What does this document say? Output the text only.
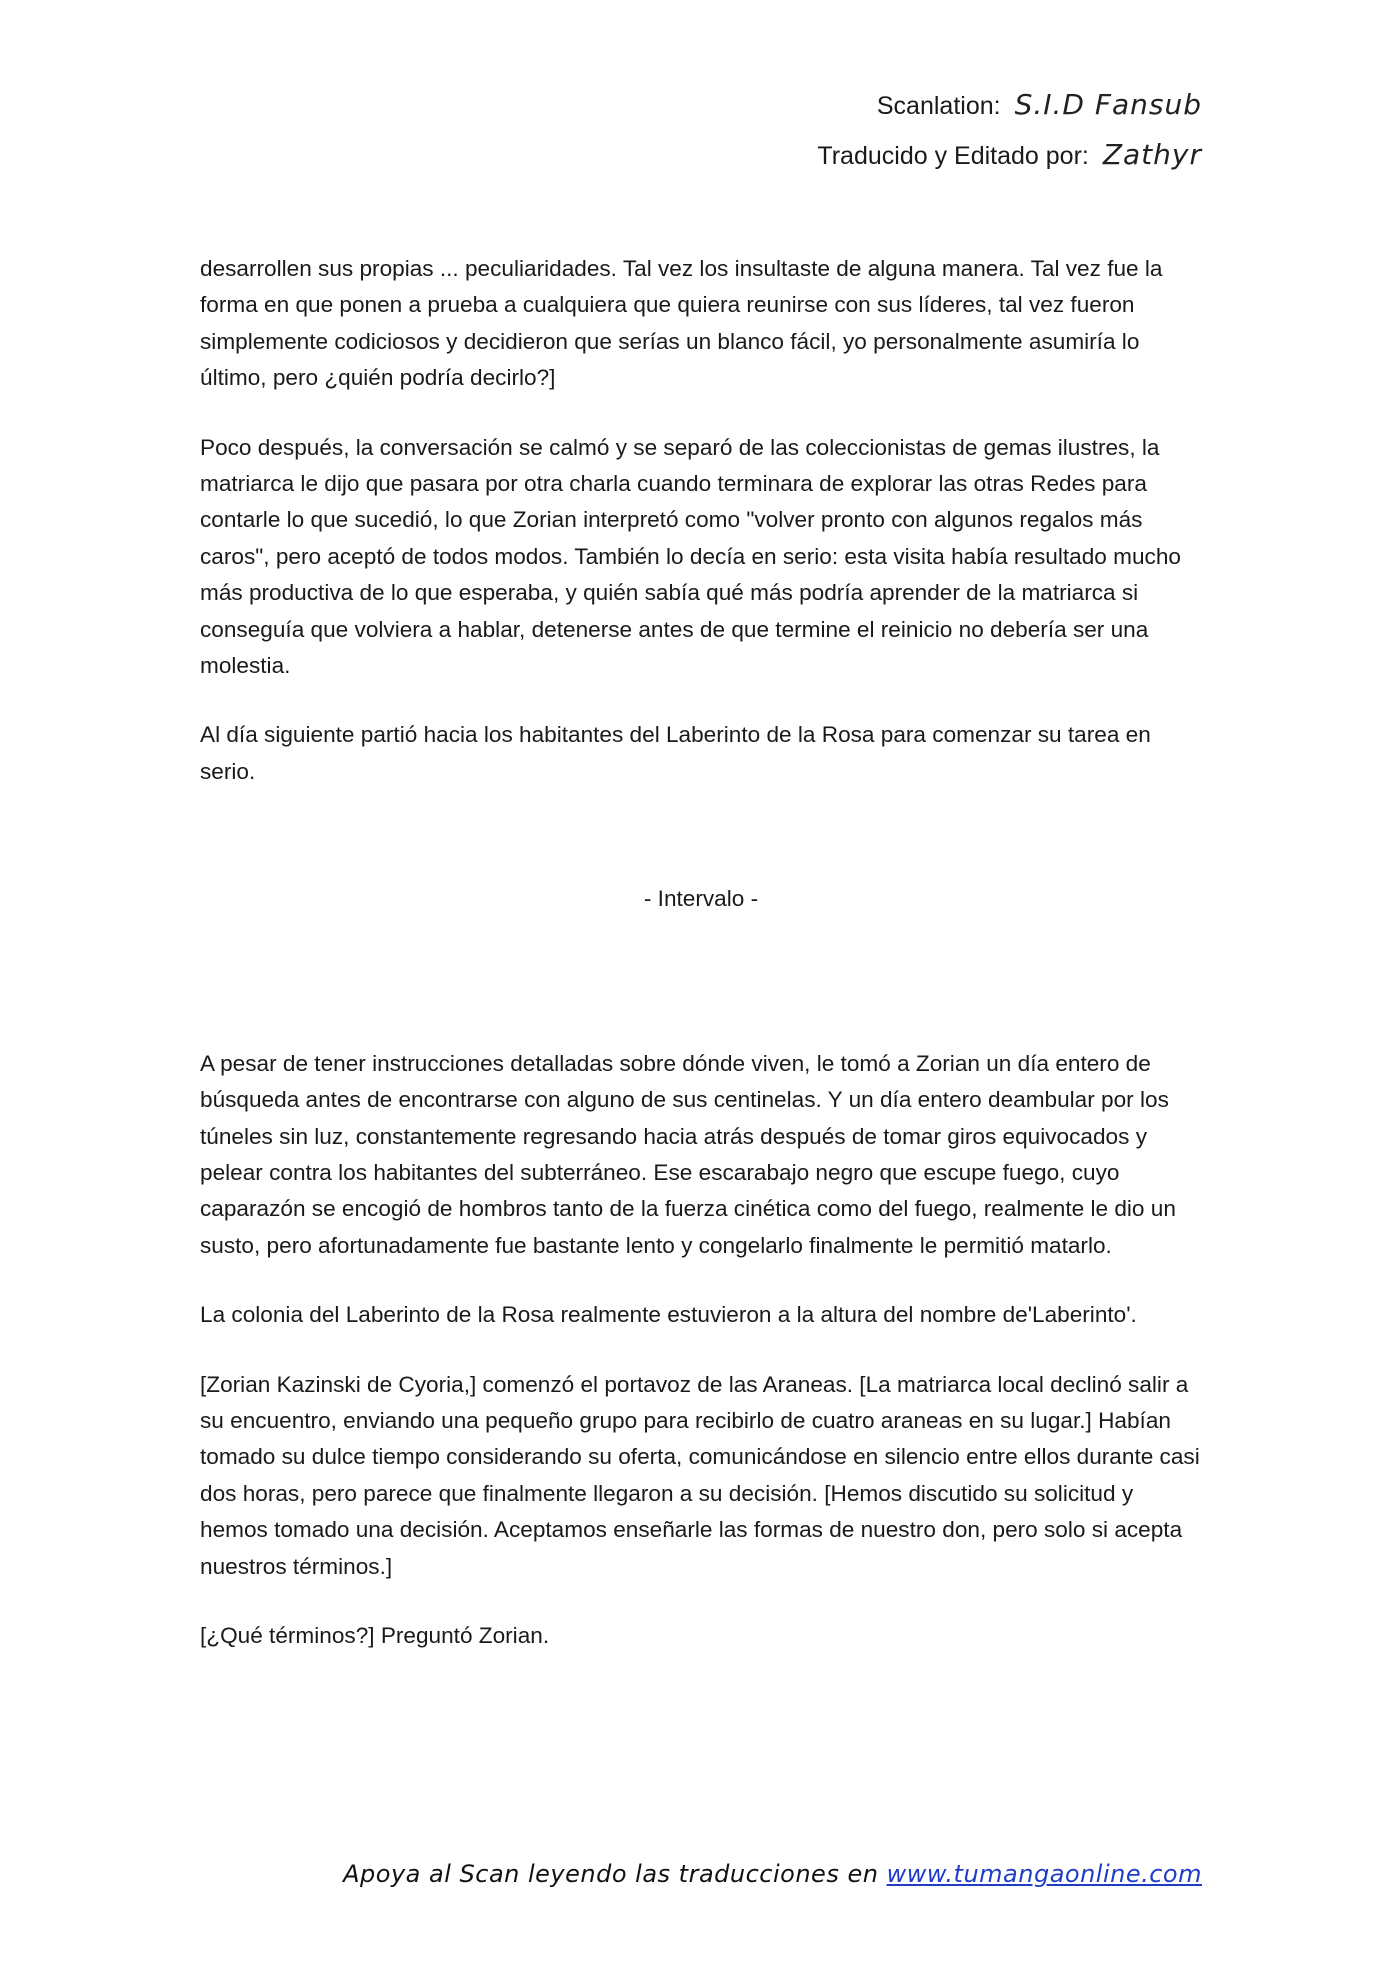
Scanlation: S.I.D Fansub
Traducido y Editado por: Zathyr

desarrollen sus propias ... peculiaridades. Tal vez los insultaste de alguna manera. Tal vez fue la forma en que ponen a prueba a cualquiera que quiera reunirse con sus líderes, tal vez fueron simplemente codiciosos y decidieron que serías un blanco fácil, yo personalmente asumiría lo último, pero ¿quién podría decirlo?]

Poco después, la conversación se calmó y se separó de las coleccionistas de gemas ilustres, la matriarca le dijo que pasara por otra charla cuando terminara de explorar las otras Redes para contarle lo que sucedió, lo que Zorian interpretó como "volver pronto con algunos regalos más caros", pero aceptó de todos modos. También lo decía en serio: esta visita había resultado mucho más productiva de lo que esperaba, y quién sabía qué más podría aprender de la matriarca si conseguía que volviera a hablar, detenerse antes de que termine el reinicio no debería ser una molestia.

Al día siguiente partió hacia los habitantes del Laberinto de la Rosa para comenzar su tarea en serio.

- Intervalo -

A pesar de tener instrucciones detalladas sobre dónde viven, le tomó a Zorian un día entero de búsqueda antes de encontrarse con alguno de sus centinelas. Y un día entero deambular por los túneles sin luz, constantemente regresando hacia atrás después de tomar giros equivocados y pelear contra los habitantes del subterráneo. Ese escarabajo negro que escupe fuego, cuyo caparazón se encogió de hombros tanto de la fuerza cinética como del fuego, realmente le dio un susto, pero afortunadamente fue bastante lento y congelarlo finalmente le permitió matarlo.

La colonia del Laberinto de la Rosa realmente estuvieron a la altura del nombre de'Laberinto'.

[Zorian Kazinski de Cyoria,] comenzó el portavoz de las Araneas. [La matriarca local declinó salir a su encuentro, enviando una pequeño grupo para recibirlo de cuatro araneas en su lugar.] Habían tomado su dulce tiempo considerando su oferta, comunicándose en silencio entre ellos durante casi dos horas, pero parece que finalmente llegaron a su decisión. [Hemos discutido su solicitud y hemos tomado una decisión. Aceptamos enseñarle las formas de nuestro don, pero solo si acepta nuestros términos.]

[¿Qué términos?] Preguntó Zorian.

Apoya al Scan leyendo las traducciones en www.tumangaonline.com
